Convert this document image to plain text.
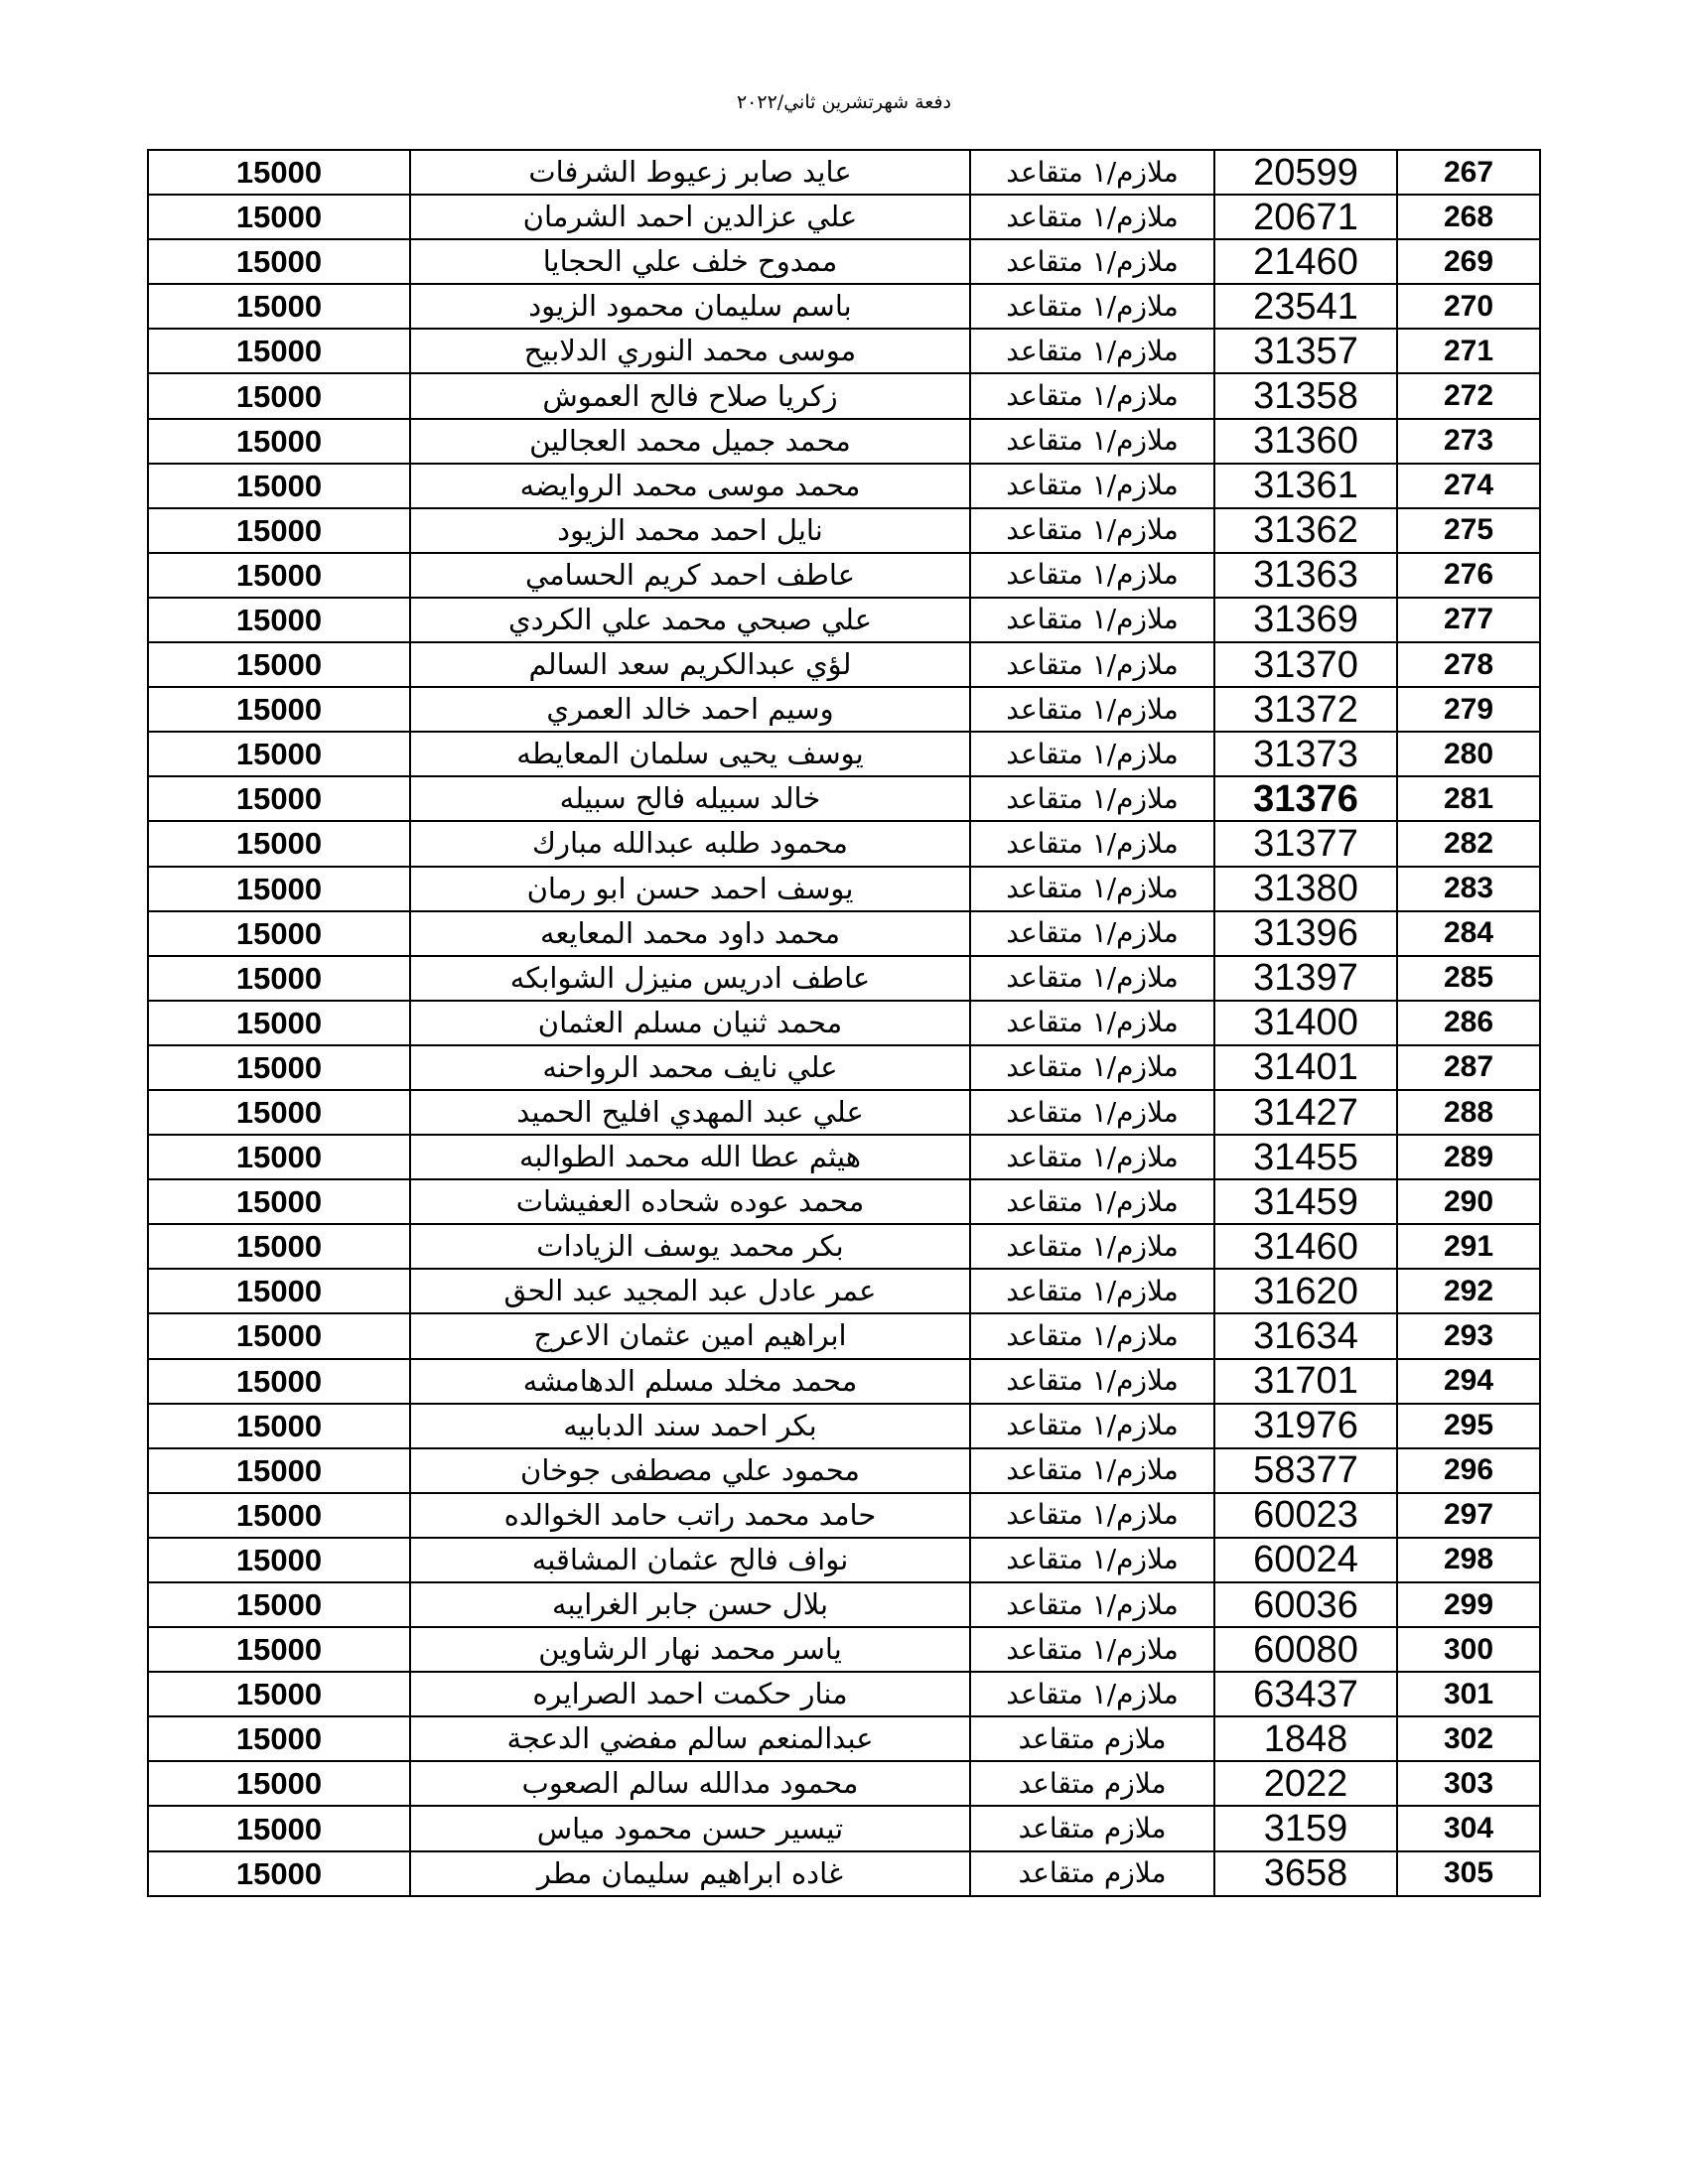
دفعة شهرتشرين ثاني/٢٠٢٢
15000	عايد صابر زعيوط الشرفات	ملازم/١ متقاعد	20599	267
15000	علي عزالدين احمد الشرمان	ملازم/١ متقاعد	20671	268
15000	ممدوح خلف علي الحجايا	ملازم/١ متقاعد	21460	269
15000	باسم سليمان محمود الزيود	ملازم/١ متقاعد	23541	270
15000	موسى محمد النوري الدلابيح	ملازم/١ متقاعد	31357	271
15000	زكريا صلاح فالح العموش	ملازم/١ متقاعد	31358	272
15000	محمد جميل محمد العجالين	ملازم/١ متقاعد	31360	273
15000	محمد موسى محمد الروايضه	ملازم/١ متقاعد	31361	274
15000	نايل احمد محمد الزيود	ملازم/١ متقاعد	31362	275
15000	عاطف احمد كريم الحسامي	ملازم/١ متقاعد	31363	276
15000	علي صبحي محمد علي الكردي	ملازم/١ متقاعد	31369	277
15000	لؤي عبدالكريم سعد السالم	ملازم/١ متقاعد	31370	278
15000	وسيم احمد خالد العمري	ملازم/١ متقاعد	31372	279
15000	يوسف يحيى سلمان المعايطه	ملازم/١ متقاعد	31373	280
15000	خالد سبيله فالح سبيله	ملازم/١ متقاعد	31376	281
15000	محمود طلبه عبدالله مبارك	ملازم/١ متقاعد	31377	282
15000	يوسف احمد حسن ابو رمان	ملازم/١ متقاعد	31380	283
15000	محمد داود محمد المعايعه	ملازم/١ متقاعد	31396	284
15000	عاطف ادريس منيزل الشوابكه	ملازم/١ متقاعد	31397	285
15000	محمد ثنيان مسلم العثمان	ملازم/١ متقاعد	31400	286
15000	علي نايف محمد الرواحنه	ملازم/١ متقاعد	31401	287
15000	علي عبد المهدي افليح الحميد	ملازم/١ متقاعد	31427	288
15000	هيثم عطا الله محمد الطوالبه	ملازم/١ متقاعد	31455	289
15000	محمد عوده شحاده العفيشات	ملازم/١ متقاعد	31459	290
15000	بكر محمد يوسف الزيادات	ملازم/١ متقاعد	31460	291
15000	عمر عادل عبد المجيد عبد الحق	ملازم/١ متقاعد	31620	292
15000	ابراهيم امين عثمان الاعرج	ملازم/١ متقاعد	31634	293
15000	محمد مخلد مسلم الدهامشه	ملازم/١ متقاعد	31701	294
15000	بكر احمد سند الدبابيه	ملازم/١ متقاعد	31976	295
15000	محمود علي مصطفى جوخان	ملازم/١ متقاعد	58377	296
15000	حامد محمد راتب حامد الخوالده	ملازم/١ متقاعد	60023	297
15000	نواف فالح عثمان المشاقبه	ملازم/١ متقاعد	60024	298
15000	بلال حسن جابر الغرايبه	ملازم/١ متقاعد	60036	299
15000	ياسر محمد نهار الرشاوين	ملازم/١ متقاعد	60080	300
15000	منار حكمت احمد الصرايره	ملازم/١ متقاعد	63437	301
15000	عبدالمنعم سالم مفضي الدعجة	ملازم متقاعد	1848	302
15000	محمود مدالله سالم الصعوب	ملازم متقاعد	2022	303
15000	تيسير حسن محمود مياس	ملازم متقاعد	3159	304
15000	غاده ابراهيم سليمان مطر	ملازم متقاعد	3658	305
